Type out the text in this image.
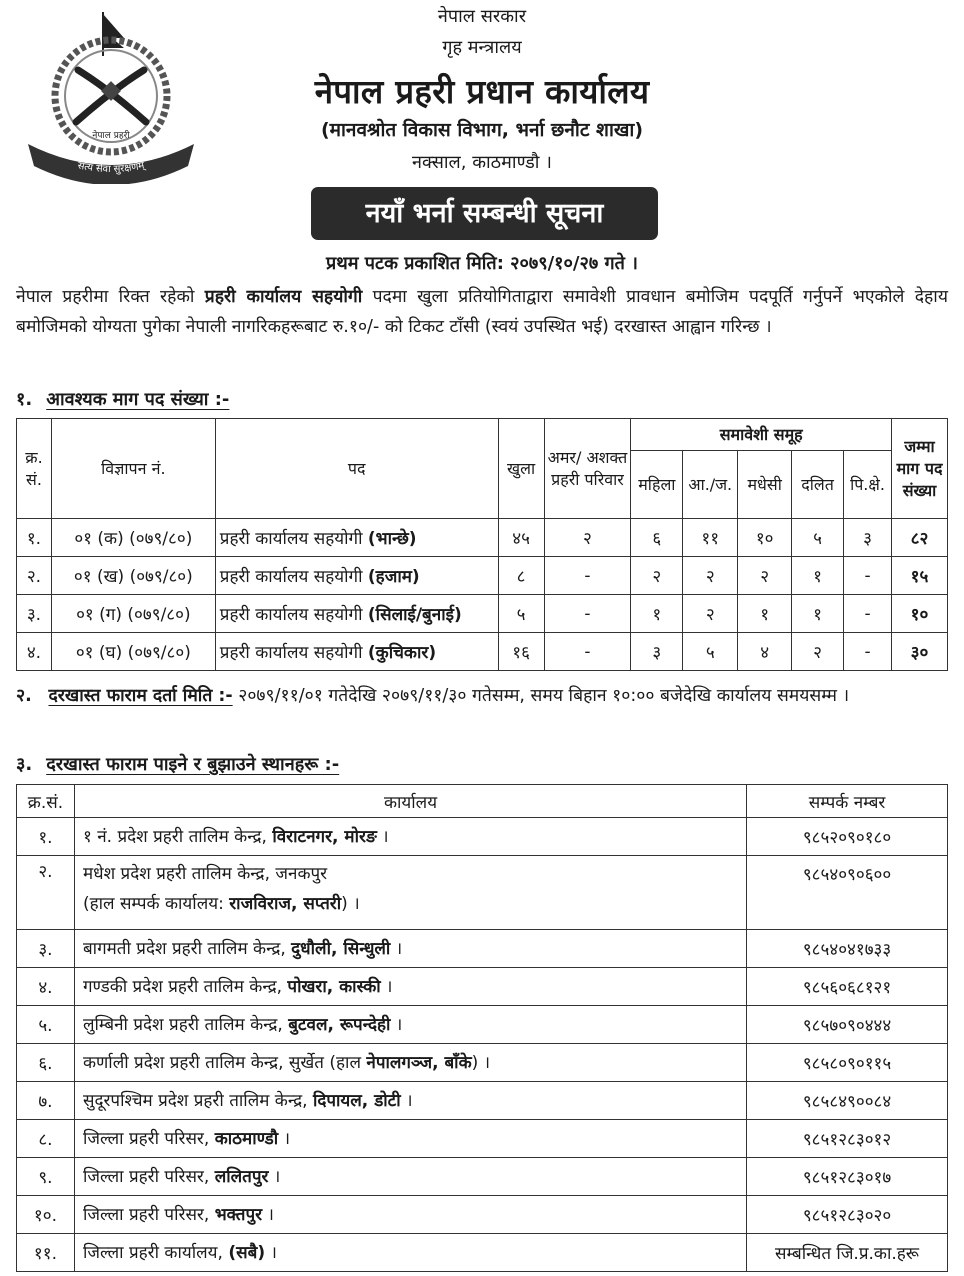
सत्य सेवा सुरक्षणम्
नेपाल प्रहरी
नेपाल सरकार
गृह मन्त्रालय
नेपाल प्रहरी प्रधान कार्यालय
(मानवश्रोत विकास विभाग, भर्ना छनौट शाखा)
नक्साल, काठमाण्डौ ।
नयाँ भर्ना सम्बन्धी सूचना
प्रथम पटक प्रकाशित मिति: २०७९/१०/२७ गते ।
नेपाल प्रहरीमा रिक्त रहेको प्रहरी कार्यालय सहयोगी पदमा खुला प्रतियोगिताद्वारा समावेशी प्रावधान बमोजिम पदपूर्ति गर्नुपर्ने भएकोले देहाय बमोजिमको योग्यता पुगेका नेपाली नागरिकहरूबाट रु.१०/- को टिकट टाँसी (स्वयं उपस्थित भई) दरखास्त आह्वान गरिन्छ ।
१. आवश्यक माग पद संख्या :-
क्र. सं.	विज्ञापन नं.	पद	खुला	अमर/ अशक्त प्रहरी परिवार	समावेशी समूह					जम्मा माग पद संख्या
					महिला	आ./ज.	मधेसी	दलित	पि.क्षे.	
१.	०१ (क) (०७९/८०)	प्रहरी कार्यालय सहयोगी (भान्छे)	४५	२	६	११	१०	५	३	८२
२.	०१ (ख) (०७९/८०)	प्रहरी कार्यालय सहयोगी (हजाम)	८	-	२	२	२	१	-	१५
३.	०१ (ग) (०७९/८०)	प्रहरी कार्यालय सहयोगी (सिलाई/बुनाई)	५	-	१	२	१	१	-	१०
४.	०१ (घ) (०७९/८०)	प्रहरी कार्यालय सहयोगी (कुचिकार)	१६	-	३	५	४	२	-	३०
२. दरखास्त फाराम दर्ता मिति :- २०७९/११/०१ गतेदेखि २०७९/११/३० गतेसम्म, समय बिहान १०:०० बजेदेखि कार्यालय समयसम्म ।
३. दरखास्त फाराम पाइने र बुझाउने स्थानहरू :-
क्र.सं.	कार्यालय	सम्पर्क नम्बर
१.	१ नं. प्रदेश प्रहरी तालिम केन्द्र, विराटनगर, मोरङ ।	९८५२०९०१८०
२.	मधेश प्रदेश प्रहरी तालिम केन्द्र, जनकपुर
(हाल सम्पर्क कार्यालय: राजविराज, सप्तरी) ।	९८५४०९०६००
३.	बागमती प्रदेश प्रहरी तालिम केन्द्र, दुधौली, सिन्धुली ।	९८५४०४१७३३
४.	गण्डकी प्रदेश प्रहरी तालिम केन्द्र, पोखरा, कास्की ।	९८५६०६८१२१
५.	लुम्बिनी प्रदेश प्रहरी तालिम केन्द्र, बुटवल, रूपन्देही ।	९८५७०९०४४४
६.	कर्णाली प्रदेश प्रहरी तालिम केन्द्र, सुर्खेत (हाल नेपालगञ्ज, बाँके) ।	९८५८०९०११५
७.	सुदूरपश्चिम प्रदेश प्रहरी तालिम केन्द्र, दिपायल, डोटी ।	९८५८४९००८४
८.	जिल्ला प्रहरी परिसर, काठमाण्डौ ।	९८५१२८३०१२
९.	जिल्ला प्रहरी परिसर, ललितपुर ।	९८५१२८३०१७
१०.	जिल्ला प्रहरी परिसर, भक्तपुर ।	९८५१२८३०२०
११.	जिल्ला प्रहरी कार्यालय, (सबै) ।	सम्बन्धित जि.प्र.का.हरू
